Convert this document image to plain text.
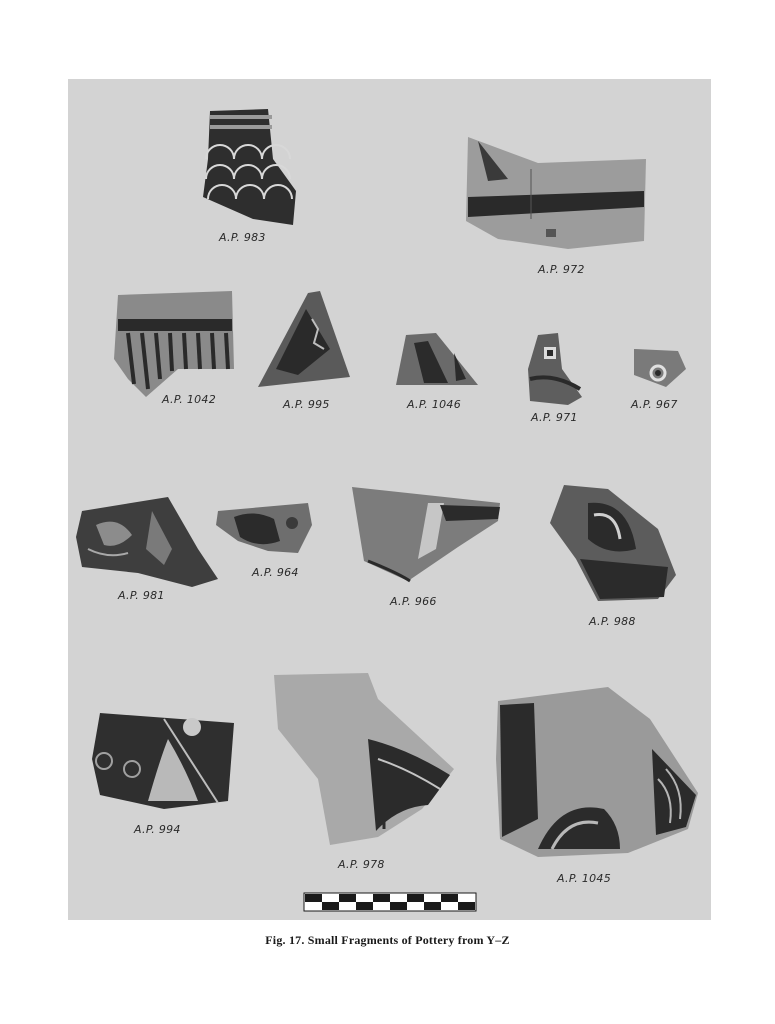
A.P. 983
A.P. 972
A.P. 1042	A.P. 995	A.P. 1046
A.P. 971
A.P. 967
A.P. 981
A.P. 964
A.P. 966
A.P. 988
A.P. 994
A.P. 978
A.P. 1045
Fig. 17. Small Fragments of Pottery from Y–Z
